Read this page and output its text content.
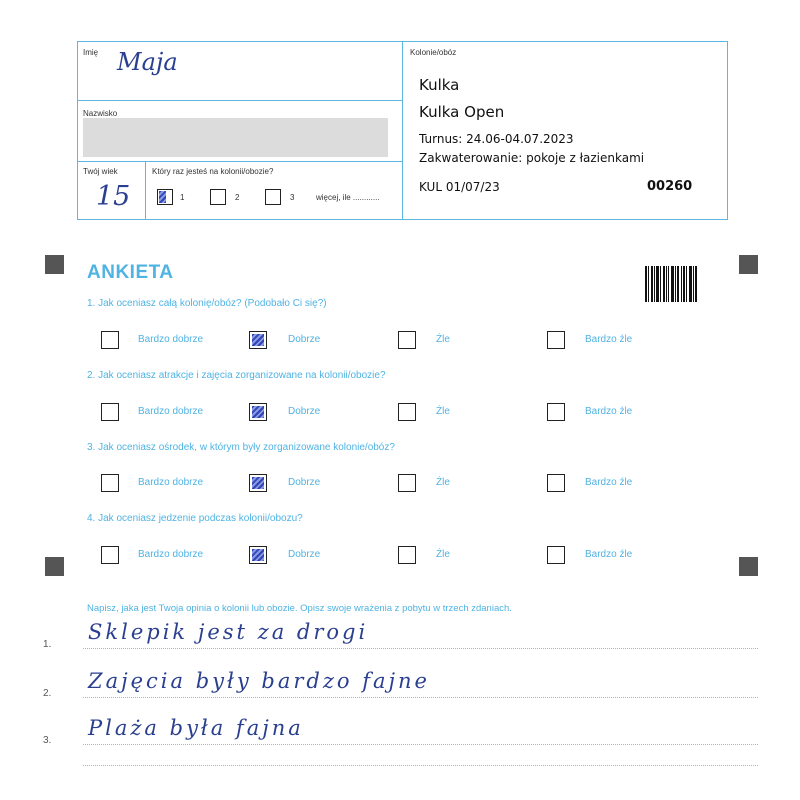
Imię Maja
Nazwisko
Twój wiek
15
Który raz jesteś na kolonii/obozie?
1	2	3	więcej, ile ............
Kolonie/obóz
Kulka
Kulka Open
Turnus: 24.06-04.07.2023
Zakwaterowanie: pokoje z łazienkami
KUL 01/07/23	00260
ANKIETA
1. Jak oceniasz całą kolonię/obóz? (Podobało Ci się?)
Bardzo dobrze	Dobrze	Źle	Bardzo źle
2. Jak oceniasz atrakcje i zajęcia zorganizowane na kolonii/obozie?
Bardzo dobrze	Dobrze	Źle	Bardzo źle
3. Jak oceniasz ośrodek, w którym były zorganizowane kolonie/obóz?
Bardzo dobrze	Dobrze	Źle	Bardzo źle
4. Jak oceniasz jedzenie podczas kolonii/obozu?
Bardzo dobrze	Dobrze	Źle	Bardzo źle
Napisz, jaka jest Twoja opinia o kolonii lub obozie. Opisz swoje wrażenia z pobytu w trzech zdaniach.
1.
Sklepik jest za drogi
2.
Zajęcia były bardzo fajne
3.
Plaża była fajna
